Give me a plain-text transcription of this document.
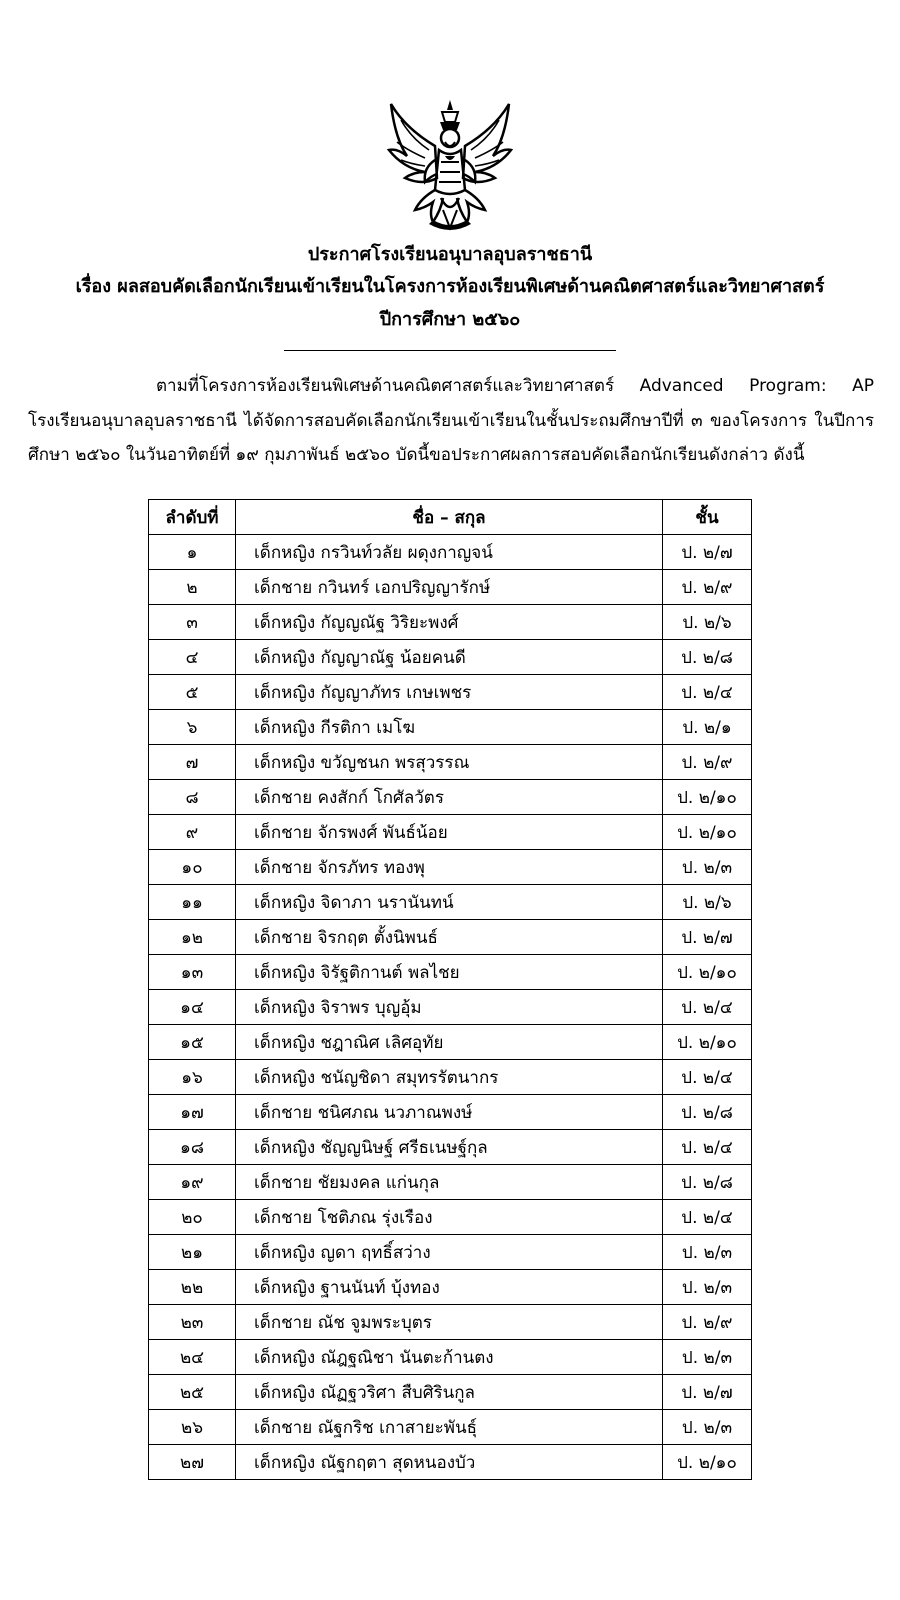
ประกาศโรงเรียนอนุบาลอุบลราชธานี
เรื่อง ผลสอบคัดเลือกนักเรียนเข้าเรียนในโครงการห้องเรียนพิเศษด้านคณิตศาสตร์และวิทยาศาสตร์
ปีการศึกษา ๒๕๖๐
ตามที่โครงการห้องเรียนพิเศษด้านคณิตศาสตร์และวิทยาศาสตร์ Advanced Program: AP โรงเรียนอนุบาลอุบลราชธานี ได้จัดการสอบคัดเลือกนักเรียนเข้าเรียนในชั้นประถมศึกษาปีที่ ๓ ของโครงการ ในปีการศึกษา ๒๕๖๐ ในวันอาทิตย์ที่ ๑๙ กุมภาพันธ์ ๒๕๖๐ บัดนี้ขอประกาศผลการสอบคัดเลือกนักเรียนดังกล่าว ดังนี้
ลำดับที่	ชื่อ – สกุล	ชั้น
๑	เด็กหญิง กรวินท์วลัย ผดุงกาญจน์	ป. ๒/๗
๒	เด็กชาย กวินทร์ เอกปริญญารักษ์	ป. ๒/๙
๓	เด็กหญิง กัญญณัฐ วิริยะพงศ์	ป. ๒/๖
๔	เด็กหญิง กัญญาณัฐ น้อยคนดี	ป. ๒/๘
๕	เด็กหญิง กัญญาภัทร เกษเพชร	ป. ๒/๔
๖	เด็กหญิง กีรติกา เมโฆ	ป. ๒/๑
๗	เด็กหญิง ขวัญชนก พรสุวรรณ	ป. ๒/๙
๘	เด็กชาย คงสักก์ โกศัลวัตร	ป. ๒/๑๐
๙	เด็กชาย จักรพงศ์ พันธ์น้อย	ป. ๒/๑๐
๑๐	เด็กชาย จักรภัทร ทองพุ	ป. ๒/๓
๑๑	เด็กหญิง จิดาภา นรานันทน์	ป. ๒/๖
๑๒	เด็กชาย จิรกฤต ตั้งนิพนธ์	ป. ๒/๗
๑๓	เด็กหญิง จิรัฐติกานต์ พลไชย	ป. ๒/๑๐
๑๔	เด็กหญิง จิราพร บุญอุ้ม	ป. ๒/๔
๑๕	เด็กหญิง ชฎาณิศ เลิศอุทัย	ป. ๒/๑๐
๑๖	เด็กหญิง ชนัญชิดา สมุทรรัตนากร	ป. ๒/๔
๑๗	เด็กชาย ชนิศภณ นวภาณพงษ์	ป. ๒/๘
๑๘	เด็กหญิง ชัญญนิษฐ์ ศรีธเนษฐ์กุล	ป. ๒/๔
๑๙	เด็กชาย ชัยมงคล แก่นกุล	ป. ๒/๘
๒๐	เด็กชาย โชติภณ รุ่งเรือง	ป. ๒/๔
๒๑	เด็กหญิง ญดา ฤทธิ์สว่าง	ป. ๒/๓
๒๒	เด็กหญิง ฐานนันท์ บุ้งทอง	ป. ๒/๓
๒๓	เด็กชาย ณัช จูมพระบุตร	ป. ๒/๙
๒๔	เด็กหญิง ณัฎฐณิชา นันตะก้านตง	ป. ๒/๓
๒๕	เด็กหญิง ณัฏฐวริศา สืบศิรินกูล	ป. ๒/๗
๒๖	เด็กชาย ณัฐกริช เกาสายะพันธุ์	ป. ๒/๓
๒๗	เด็กหญิง ณัฐกฤตา สุดหนองบัว	ป. ๒/๑๐
